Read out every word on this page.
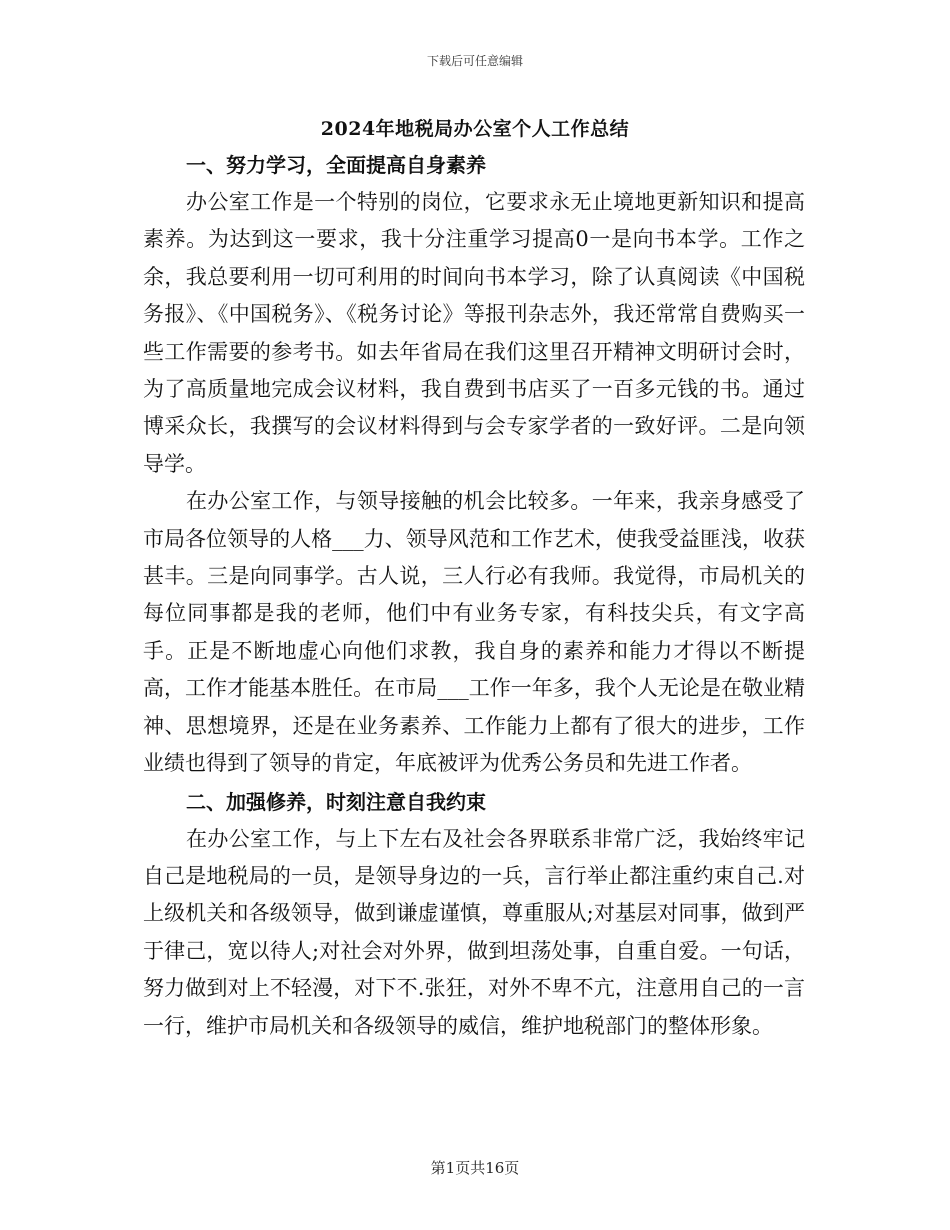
下载后可任意编辑
2024年地税局办公室个人工作总结
一、努力学习，全面提高自身素养

办公室工作是一个特别的岗位，它要求永无止境地更新知识和提高素养。为达到这一要求，我十分注重学习提高0一是向书本学。工作之余，我总要利用一切可利用的时间向书本学习，除了认真阅读《中国税务报》、《中国税务》、《税务讨论》等报刊杂志外，我还常常自费购买一些工作需要的参考书。如去年省局在我们这里召开精神文明研讨会时，为了高质量地完成会议材料，我自费到书店买了一百多元钱的书。通过博采众长，我撰写的会议材料得到与会专家学者的一致好评。二是向领导学。

在办公室工作，与领导接触的机会比较多。一年来，我亲身感受了市局各位领导的人格___力、领导风范和工作艺术，使我受益匪浅，收获甚丰。三是向同事学。古人说，三人行必有我师。我觉得，市局机关的每位同事都是我的老师，他们中有业务专家，有科技尖兵，有文字高手。正是不断地虚心向他们求教，我自身的素养和能力才得以不断提高，工作才能基本胜任。在市局___工作一年多，我个人无论是在敬业精神、思想境界，还是在业务素养、工作能力上都有了很大的进步，工作业绩也得到了领导的肯定，年底被评为优秀公务员和先进工作者。

二、加强修养，时刻注意自我约束

在办公室工作，与上下左右及社会各界联系非常广泛，我始终牢记自己是地税局的一员，是领导身边的一兵，言行举止都注重约束自己.对上级机关和各级领导，做到谦虚谨慎，尊重服从;对基层对同事，做到严于律己，宽以待人;对社会对外界，做到坦荡处事，自重自爱。一句话，努力做到对上不轻漫，对下不.张狂，对外不卑不亢，注意用自己的一言一行，维护市局机关和各级领导的威信，维护地税部门的整体形象。

第1页共16页
